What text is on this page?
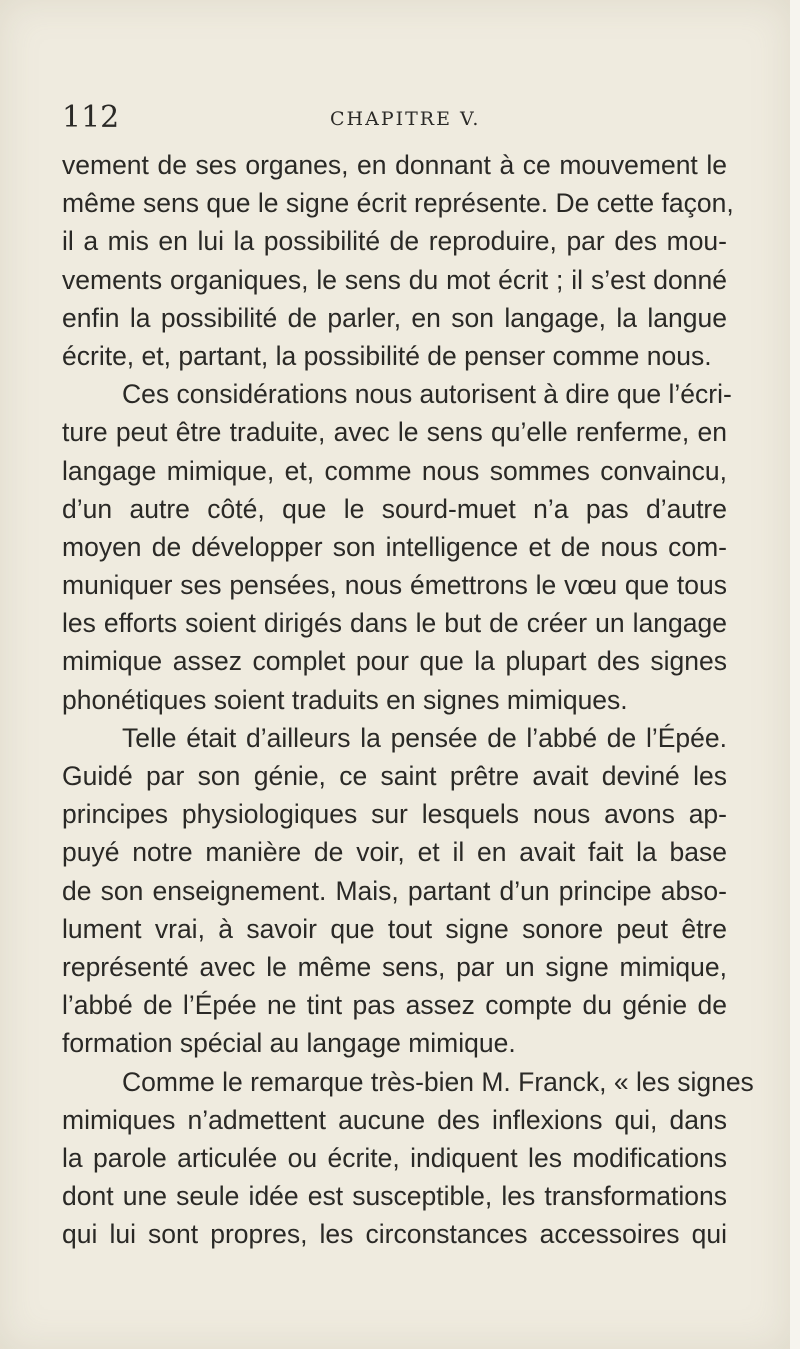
112	CHAPITRE V.
vement de ses organes, en donnant à ce mouvement le
même sens que le signe écrit représente. De cette façon,
il a mis en lui la possibilité de reproduire, par des mou-
vements organiques, le sens du mot écrit ; il s’est donné
enfin la possibilité de parler, en son langage, la langue
écrite, et, partant, la possibilité de penser comme nous.
Ces considérations nous autorisent à dire que l’écri-
ture peut être traduite, avec le sens qu’elle renferme, en
langage mimique, et, comme nous sommes convaincu,
d’un autre côté, que le sourd-muet n’a pas d’autre
moyen de développer son intelligence et de nous com-
muniquer ses pensées, nous émettrons le vœu que tous
les efforts soient dirigés dans le but de créer un langage
mimique assez complet pour que la plupart des signes
phonétiques soient traduits en signes mimiques.
Telle était d’ailleurs la pensée de l’abbé de l’Épée.
Guidé par son génie, ce saint prêtre avait deviné les
principes physiologiques sur lesquels nous avons ap-
puyé notre manière de voir, et il en avait fait la base
de son enseignement. Mais, partant d’un principe abso-
lument vrai, à savoir que tout signe sonore peut être
représenté avec le même sens, par un signe mimique,
l’abbé de l’Épée ne tint pas assez compte du génie de
formation spécial au langage mimique.
Comme le remarque très-bien M. Franck, « les signes
mimiques n’admettent aucune des inflexions qui, dans
la parole articulée ou écrite, indiquent les modifications
dont une seule idée est susceptible, les transformations
qui lui sont propres, les circonstances accessoires qui
